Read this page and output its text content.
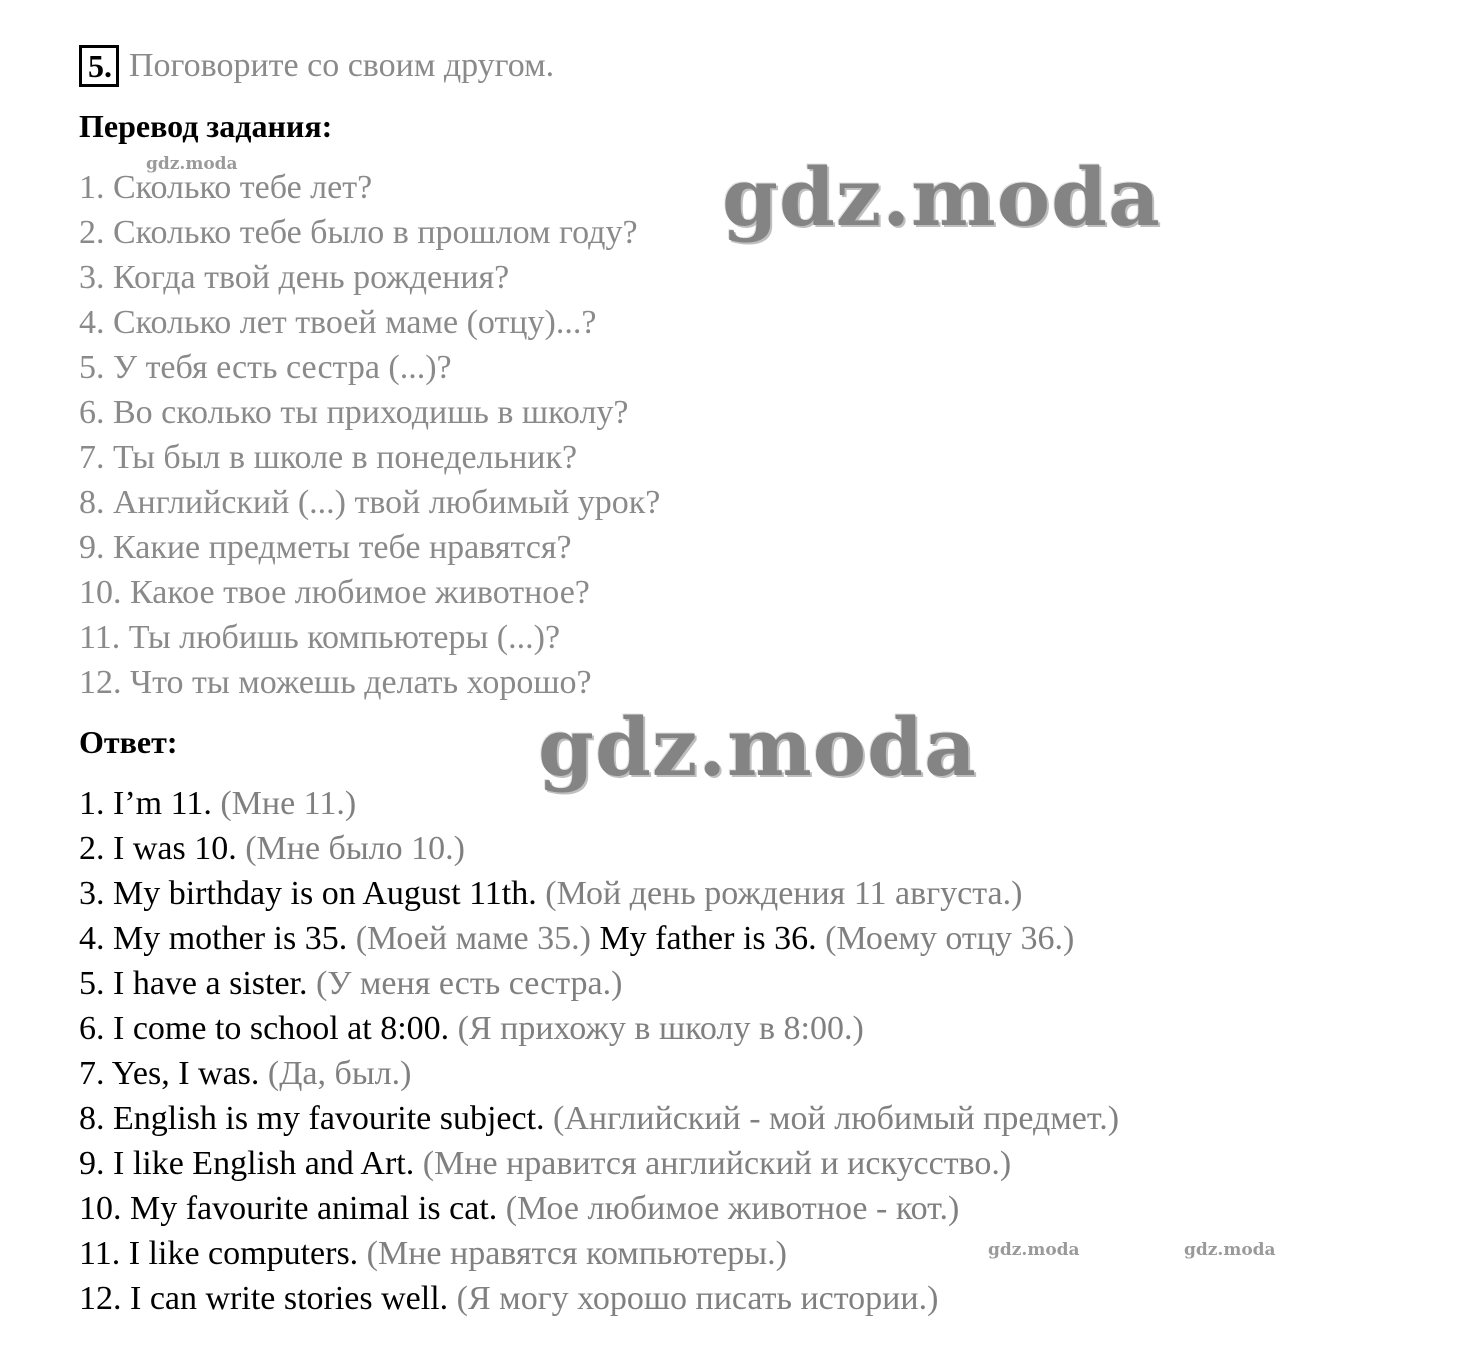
5. Поговорите со своим другом.
Перевод задания:
1. Сколько тебе лет?
2. Сколько тебе было в прошлом году?
3. Когда твой день рождения?
4. Сколько лет твоей маме (отцу)...?
5. У тебя есть сестра (...)?
6. Во сколько ты приходишь в школу?
7. Ты был в школе в понедельник?
8. Английский (...) твой любимый урок?
9. Какие предметы тебе нравятся?
10. Какое твое любимое животное?
11. Ты любишь компьютеры (...)?
12. Что ты можешь делать хорошо?
Ответ:
1. I’m 11. (Мне 11.)
2. I was 10. (Мне было 10.)
3. My birthday is on August 11th. (Мой день рождения 11 августа.)
4. My mother is 35. (Моей маме 35.) My father is 36. (Моему отцу 36.)
5. I have a sister. (У меня есть сестра.)
6. I come to school at 8:00. (Я прихожу в школу в 8:00.)
7. Yes, I was. (Да, был.)
8. English is my favourite subject. (Английский - мой любимый предмет.)
9. I like English and Art. (Мне нравится английский и искусство.)
10. My favourite animal is cat. (Мое любимое животное - кот.)
11. I like computers. (Мне нравятся компьютеры.)
12. I can write stories well. (Я могу хорошо писать истории.)
gdz.moda	gdz.moda
gdz.moda
gdz.moda	gdz.moda
